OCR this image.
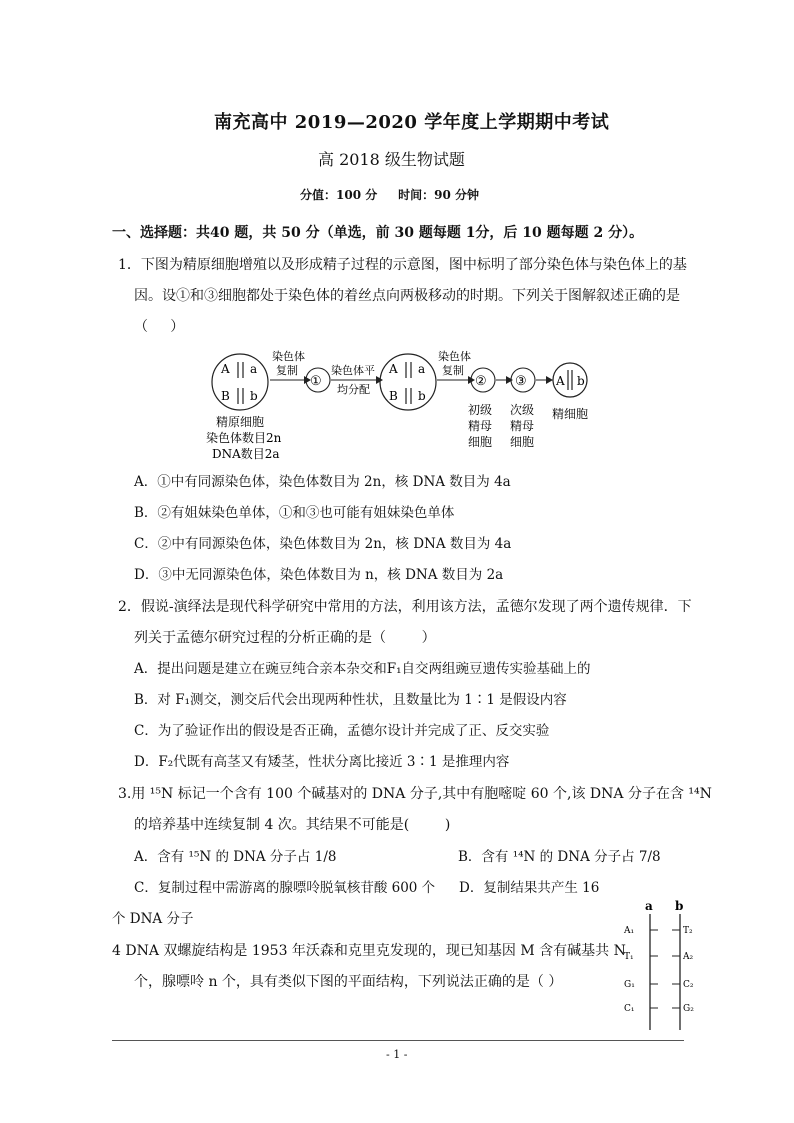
南充高中 2019—2020 学年度上学期期中考试
高 2018 级生物试题
分值：100 分     时间：90 分钟
一、选择题：共40 题，共 50 分（单选，前 30 题每题 1分，后 10 题每题 2 分）。
1．下图为精原细胞增殖以及形成精子过程的示意图，图中标明了部分染色体与染色体上的基
因。设①和③细胞都处于染色体的着丝点向两极移动的时期。下列关于图解叙述正确的是
（     ）
A a
B b
染色体
复制
①
染色体平
均分配
A a
B b
染色体
复制
②
初级
精母
细胞
③
次级
精母
细胞
A b
精细胞
精原细胞
染色体数目2n
DNA数目2a
A．①中有同源染色体，染色体数目为 2n，核 DNA 数目为 4a
B．②有姐妹染色单体，①和③也可能有姐妹染色单体
C．②中有同源染色体，染色体数目为 2n，核 DNA 数目为 4a
D．③中无同源染色体，染色体数目为 n，核 DNA 数目为 2a
2．假说-演绎法是现代科学研究中常用的方法，利用该方法，孟德尔发现了两个遗传规律．下
列关于孟德尔研究过程的分析正确的是（        ）
A．提出问题是建立在豌豆纯合亲本杂交和F₁自交两组豌豆遗传实验基础上的
B．对 F₁测交，测交后代会出现两种性状，且数量比为 1∶1 是假设内容
C．为了验证作出的假设是否正确，孟德尔设计并完成了正、反交实验
D．F₂代既有高茎又有矮茎，性状分离比接近 3∶1 是推理内容
3.用 ¹⁵N 标记一个含有 100 个碱基对的 DNA 分子,其中有胞嘧啶 60 个,该 DNA 分子在含 ¹⁴N
的培养基中连续复制 4 次。其结果不可能是(        )
A．含有 ¹⁵N 的 DNA 分子占 1/8	B．含有 ¹⁴N 的 DNA 分子占 7/8
C．复制过程中需游离的腺嘌呤脱氧核苷酸 600 个 D．复制结果共产生 16
个 DNA 分子
4 DNA 双螺旋结构是 1953 年沃森和克里克发现的，现已知基因 M 含有碱基共 N
个，腺嘌呤 n 个，具有类似下图的平面结构，下列说法正确的是（ ）
a b
A₁
T₁
G₁
C₁
T₂
A₂
C₂
G₂
- 1 -
